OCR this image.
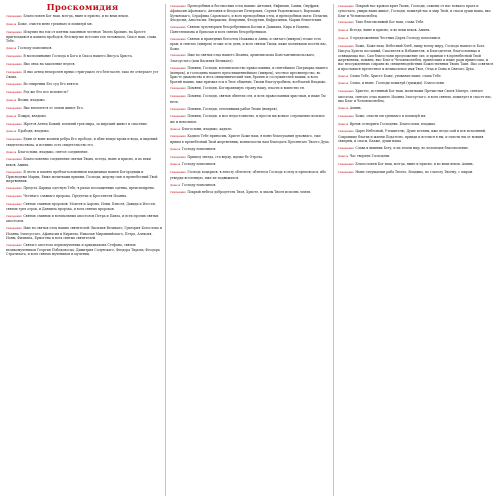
Проскомидия
Священник Благословен Бог наш, всегда, ныне и присно, и во веки веков.
Диакон Боже, очисти мене грешнаго и помилуй мя.
Священник Искупил ны еси от клятвы законныя честною Твоею Кровию, на Кресте пригвоздився и копием прободся, безсмертие источил еси человеком, Спасе наш, слава Тебе.
Диакон Господу помолимся.
Священник В воспоминание Господа и Бога и Спаса нашего Иисуса Христа.
Священник Яко овча на заколение ведеся.
Священник И яко агнец непорочен прямо стригущаго его безгласен, тако не отверзает уст Своих.
Священник Во смирении Его суд Его взятся.
Священник Род же Его кто исповесть?
Диакон Возми, владыко.
Священник Яко вземлется от земли живот Его.
Диакон Пожри, владыко.
Священник Жрется Агнец Божий, вземляй грех мира, за мирский живот и спасение.
Диакон Прободи, владыко.
Священник Един от воин копием ребра Его прободе, и абие изыде кровь и вода, и видевый свидетельствова, и истинно есть свидетельство его.
Диакон Благослови, владыко, святое соединение.
Священник Благословенно соединение святых Твоих, всегда, ныне и присно, и во веки веков. Аминь.
Священник В честь и память преблагословенныя владычицы нашея Богородицы и Приснодевы Марии, Еяже молитвами приими, Господи, жертву сию в пренебесный Твой жертвенник.
Священник Предста Царица одесную Тебе, в ризах позлащенных одеяна, преиспещрена.
Священник Честнаго славнаго пророка, Предтечи и Крестителя Иоанна.
Священник Святых славных пророков: Моисея и Аарона, Илии, Елисея, Давида и Иессея, святых трех отрок, и Даниила пророка, и всех святых пророков.
Священник Святых славных и всехвальных апостолов Петра и Павла, и всех прочих святых апостолов.
Священник Иже во святых отец наших святителей: Василия Великаго, Григория Богослова и Иоанна Златоустаго, Афанасия и Кирилла, Николая Мирликийскаго, Петра, Алексия, Ионы, Филиппа, Ермогена и всех святых святителей.
Священник Святаго апостола первомученика и архидиакона Стефана, святых великомучеников Георгия Победоносца, Димитрия Солунскаго, Феодора Тирона, Феодора Стратилата, и всех святых мучеников и мучениц.
Священник Преподобных и богоносных отец наших: Антония, Евфимия, Саввы, Онуфрия, Афанасия Афонскаго, Антония и Феодосия Печерских, Сергия Радонежскаго, Варлаама Хутынскаго, Серафима Саровскаго, и всех преподобных отец, и преподобных мати: Пелагии, Феодосии, Анастасии, Евпраксии, Февронии, Феодулии, Евфросинии, Марии Египетския.
Священник Святых чудотворцев безсребреников Космы и Дамиана, Кира и Иоанна, Пантелеимона и Ермолая и всех святых безсребреников.
Священник Святых и праведных богоотец Иоакима и Анны, и святаго (имярек) егоже есть храм, и святаго (имярек) егоже есть день, и всех святых Твоих, ихже молитвами посети нас, Боже.
Священник Иже во святых отца нашего Иоанна, архиепископа Константинопольскаго, Златоустаго (или Василия Великаго).
Священник Помяни, Господи, всеепископство православных, и святейшаго Патриарха нашего (имярек), и господина нашего преосвященнейшаго (имярек), честное пресвитерство, во Христе диаконство и весь священнический чин, братию и сослужителей наших, и всех братий наших, яже призвал еси в Твое общение, Твоим благоутробием, всеблагий Владыко.
Священник Помяни, Господи, Богохранимую страну нашу, власти и воинство ея.
Священник Помяни, Господи, святыя обители сея, и всех православных христиан, и ихже Ты веси.
Священник Помяни, Господи, отпочивших рабов Твоих (имярек).
Священник Помяни, Господи, и мое недостоинство, и прости ми всякое согрешение вольное же и невольное.
Диакон Благослови, владыко, кадило.
Священник Кадило Тебе приносим, Христе Боже наш, в воню благоухания духовнаго, еже приим в пренебесный Твой жертвенник, возниспосли нам благодать Пресвятаго Твоего Духа.
Диакон Господу помолимся.
Священник Пришед звезда, ста верху, идеже бе Отроча.
Диакон Господу помолимся.
Священник Господь воцарися, в лепоту облечеся; облечеся Господь в силу и препоясася, ибо утверди вселенную, яже не подвижится.
Диакон Господу помолимся.
Священник Покрый небеса добродетель Твоя, Христе, и хвалы Твоея исполнь земля.
Священник Покрый нас кровом крил Твоих, Господи, отжени от нас всякаго врага и супостата, умири нашь живот, Господи, помилуй нас и мир Твой, и спаси души наша, яко Благ и Человеколюбец.
Священник Тако благоволивый Бог наш, слава Тебе.
Диакон Всегда, ныне и присно, и во веки веков. Аминь.
Диакон О предложенных Честных Дарех Господу помолимся.
Священник Боже, Боже наш, Небесный Хлеб, пищу всему миру, Господа нашего и Бога Иисуса Христа пославый, Спасителя и Избавителя, и Благодетеля, благословяща и освящающа нас, Сам благослови предложение сие, и приими е в пренебесный Твой жертвенник, помяни, яко Благ и Человеколюбец, принесших и ихже ради принесоша, и нас неосужденных сохрани во священнодействии Божественных Твоих Таин. Яко освятися и прославися пречестное и великолепое имя Твое, Отца и Сына и Святаго Духа.
Диакон Слава Тебе, Христе Боже, упование наше, слава Тебе.
Диакон Слава, и ныне. Господи помилуй (трижды). Благослови.
Священник Христос, истинный Бог наш, молитвами Пречистыя Своея Матере, святаго апостола, святаго отца нашего Иоанна Златоустаго, и всех святых, помилует и спасет нас, яко Благ и Человеколюбец.
Диакон Аминь.
Священник Боже, очисти мя грешнаго и помилуй мя.
Диакон Время сотворити Господеви. Благослови, владыко.
Священник Царю Небесный, Утешителю, Душе истины, иже везде сый и вся исполняяй, Сокровище благих и жизни Подателю, прииди и вселися в ны, и очисти ны от всякия скверны, и спаси, Блаже, души наша.
Священник Слава в вышних Богу, и на земли мир, во человецех благоволение.
Диакон Час творити Господеви.
Священник Благословен Бог наш, всегда, ныне и присно, и во веки веков. Аминь.
Священник Ныне отпущаеши раба Твоего, Владыко, по глаголу Твоему, с миром.
